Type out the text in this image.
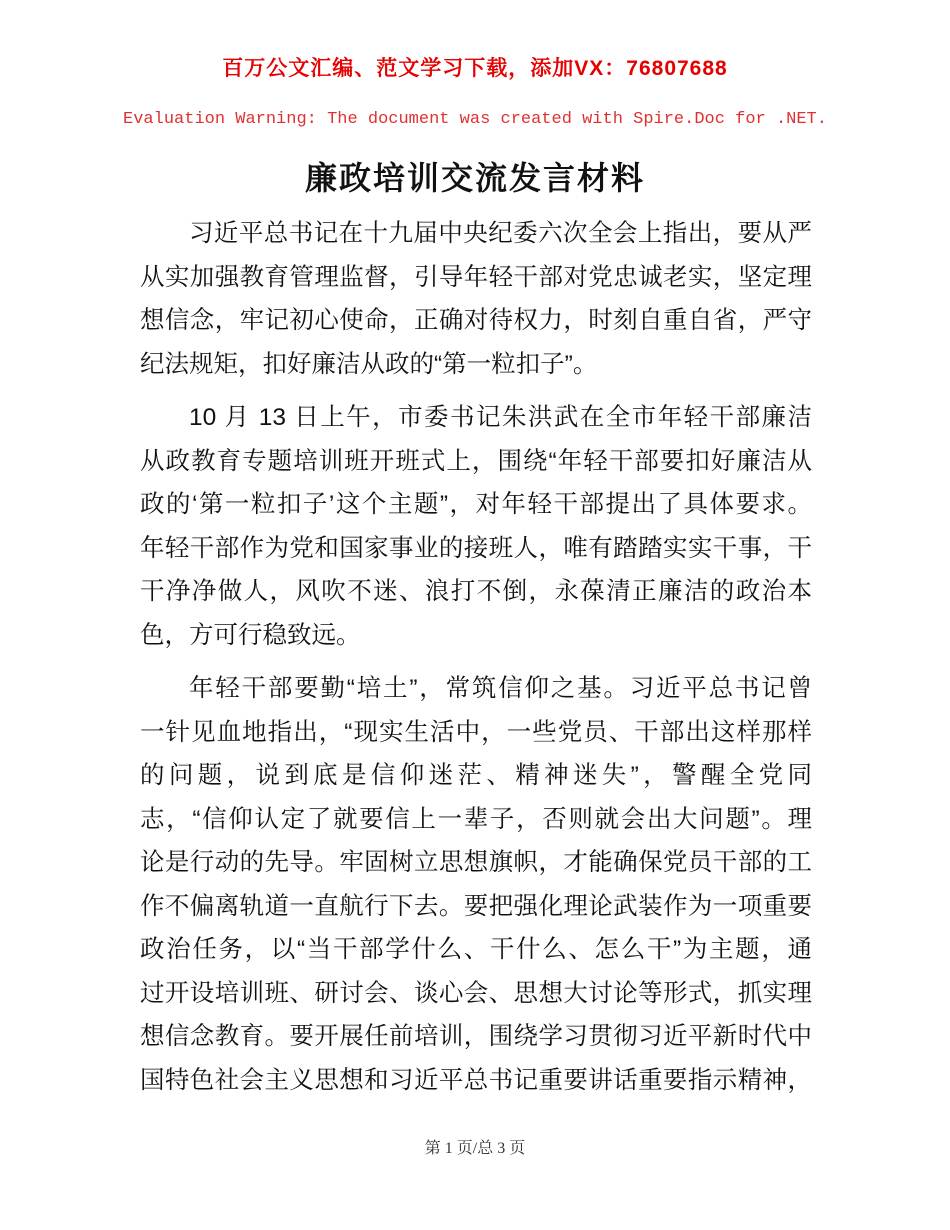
百万公文汇编、范文学习下载，添加VX：76807688
Evaluation Warning: The document was created with Spire.Doc for .NET.
廉政培训交流发言材料

习近平总书记在十九届中央纪委六次全会上指出，要从严
从实加强教育管理监督，引导年轻干部对党忠诚老实，坚定理
想信念，牢记初心使命，正确对待权力，时刻自重自省，严守
纪法规矩，扣好廉洁从政的“第一粒扣子”。

10 月 13 日上午，市委书记朱洪武在全市年轻干部廉洁
从政教育专题培训班开班式上，围绕“年轻干部要扣好廉洁从
政的‘第一粒扣子’这个主题”，对年轻干部提出了具体要求。
年轻干部作为党和国家事业的接班人，唯有踏踏实实干事，干
干净净做人，风吹不迷、浪打不倒，永葆清正廉洁的政治本
色，方可行稳致远。

年轻干部要勤“培土”，常筑信仰之基。习近平总书记曾
一针见血地指出，“现实生活中，一些党员、干部出这样那样
的问题，说到底是信仰迷茫、精神迷失”，警醒全党同
志，“信仰认定了就要信上一辈子，否则就会出大问题”。理
论是行动的先导。牢固树立思想旗帜，才能确保党员干部的工
作不偏离轨道一直航行下去。要把强化理论武装作为一项重要
政治任务，以“当干部学什么、干什么、怎么干”为主题，通
过开设培训班、研讨会、谈心会、思想大讨论等形式，抓实理
想信念教育。要开展任前培训，围绕学习贯彻习近平新时代中
国特色社会主义思想和习近平总书记重要讲话重要指示精神，

第 1 页/总 3 页
